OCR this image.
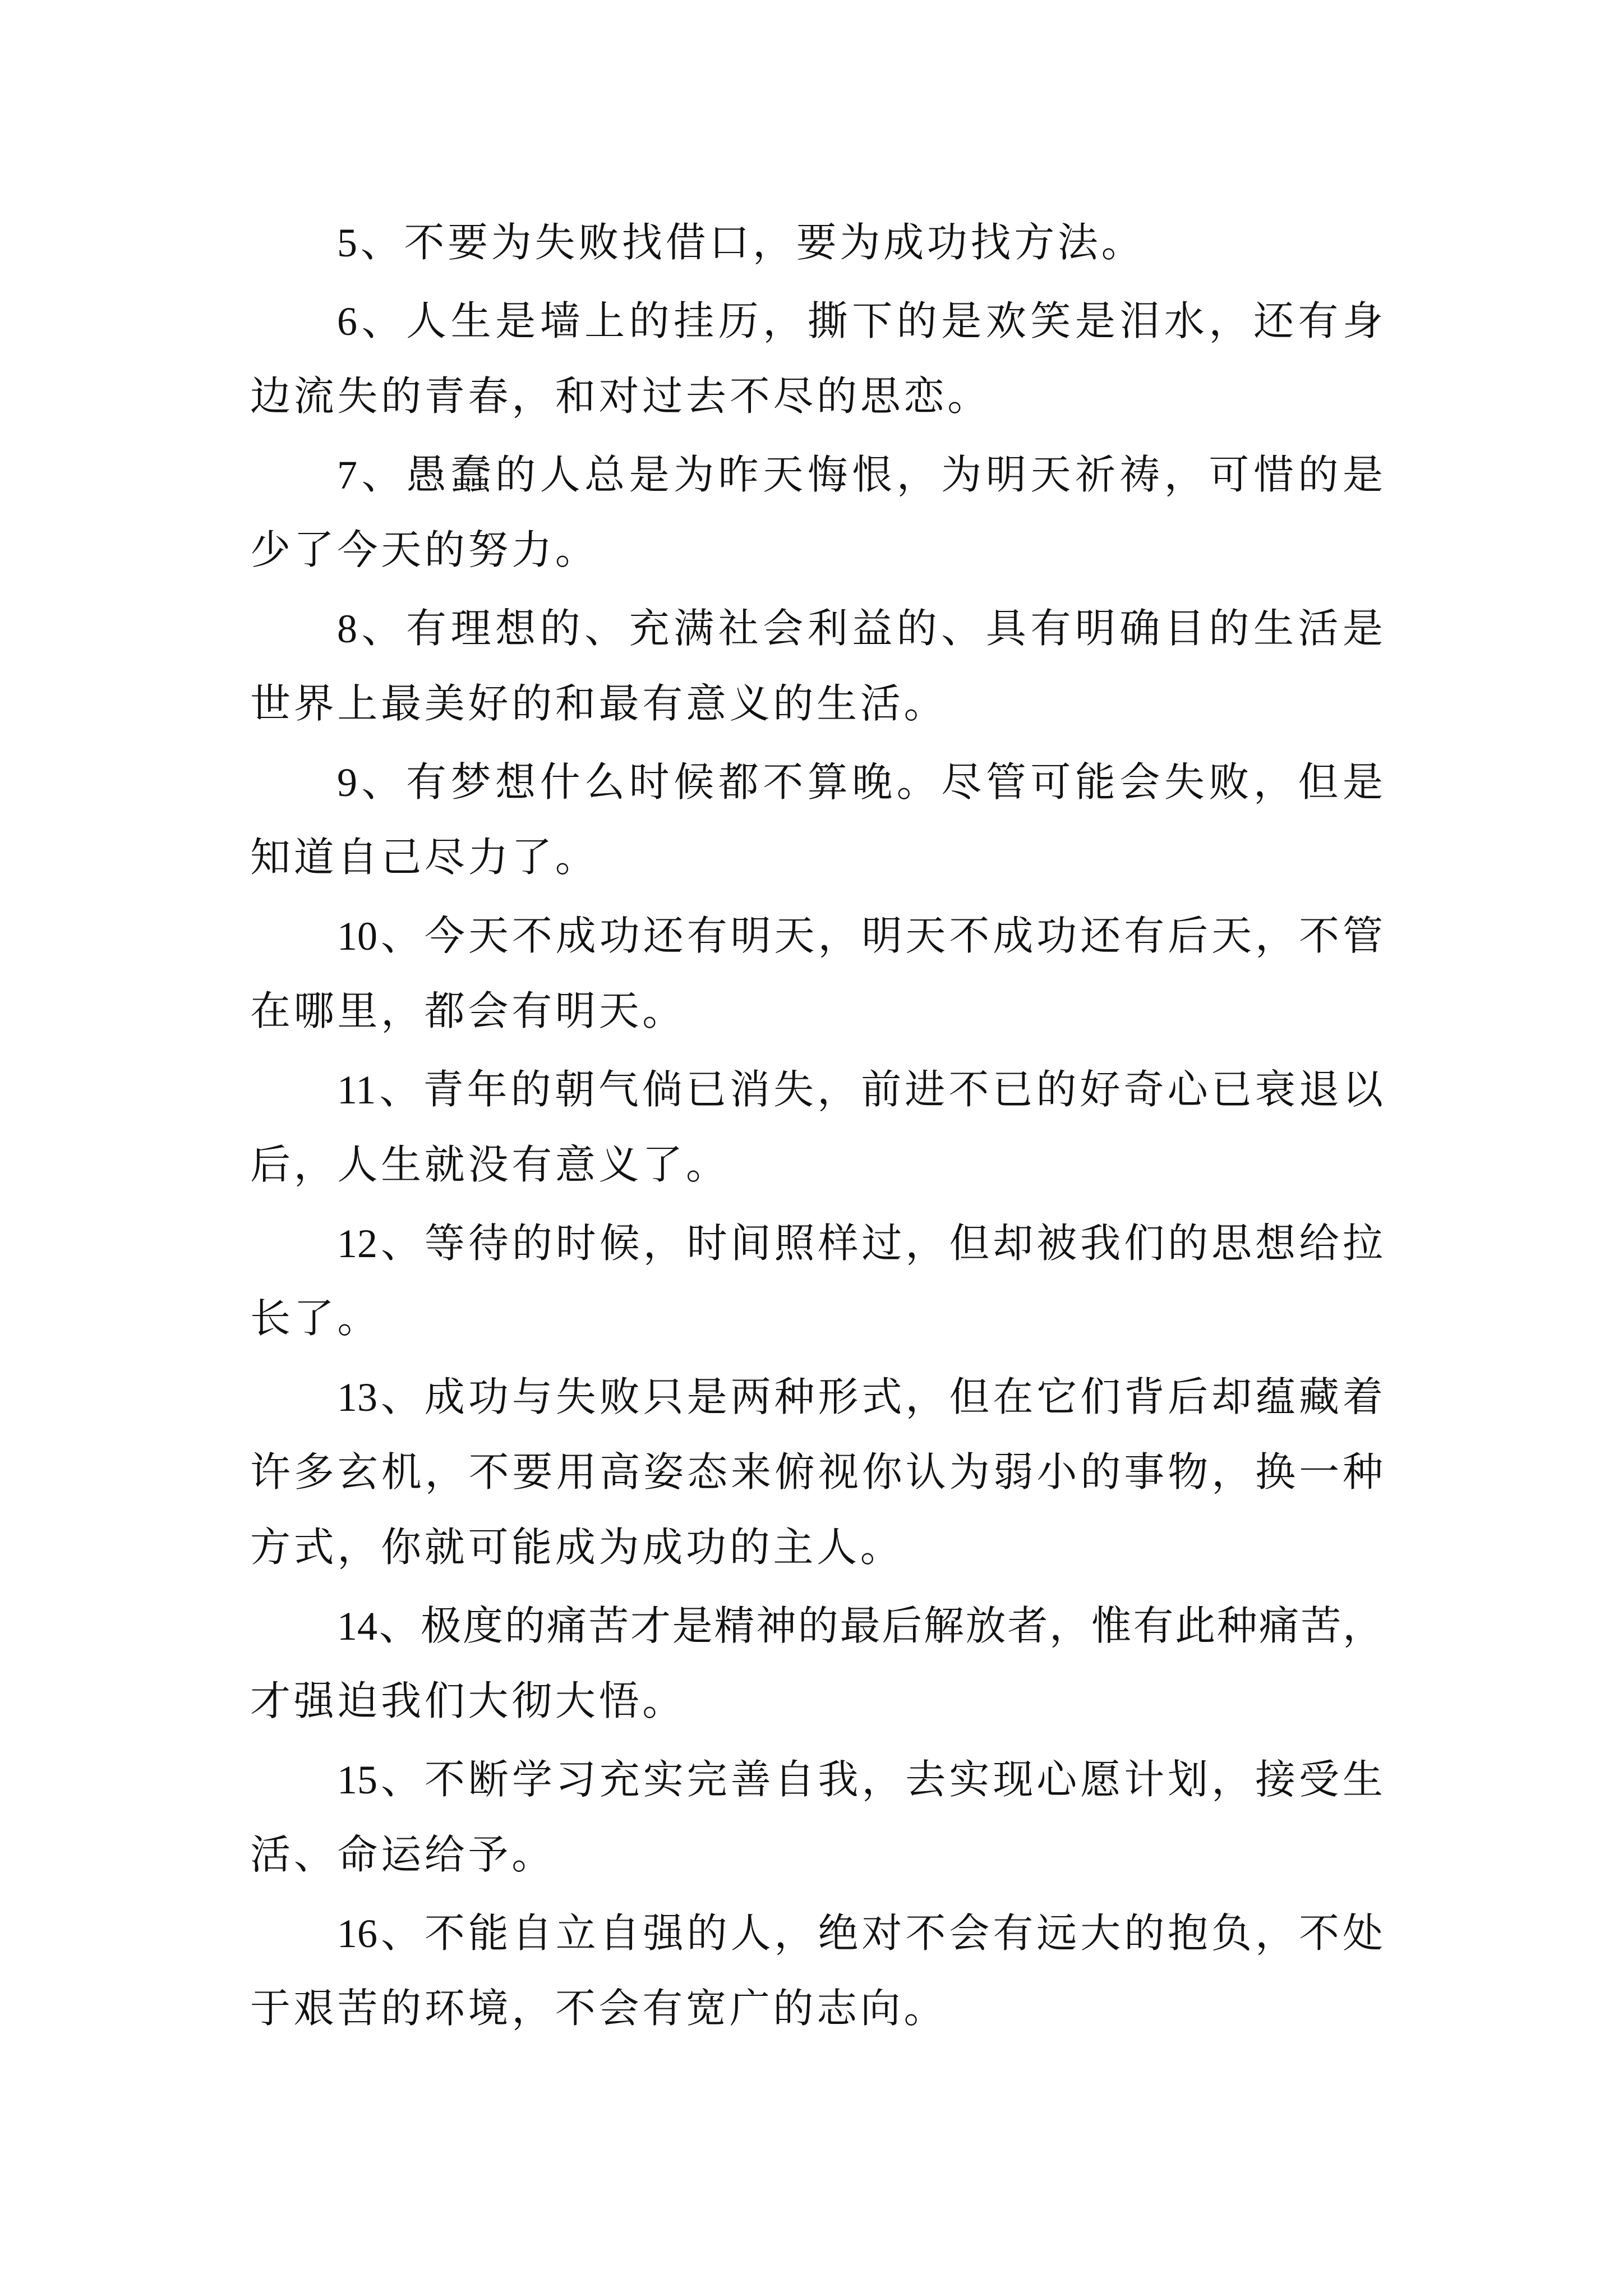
5、不要为失败找借口，要为成功找方法。
6、人生是墙上的挂历，撕下的是欢笑是泪水，还有身
边流失的青春，和对过去不尽的思恋。
7、愚蠢的人总是为昨天悔恨，为明天祈祷，可惜的是
少了今天的努力。
8、有理想的、充满社会利益的、具有明确目的生活是
世界上最美好的和最有意义的生活。
9、有梦想什么时候都不算晚。尽管可能会失败，但是
知道自己尽力了。
10、今天不成功还有明天，明天不成功还有后天，不管
在哪里，都会有明天。
11、青年的朝气倘已消失，前进不已的好奇心已衰退以
后，人生就没有意义了。
12、等待的时候，时间照样过，但却被我们的思想给拉
长了。
13、成功与失败只是两种形式，但在它们背后却蕴藏着
许多玄机，不要用高姿态来俯视你认为弱小的事物，换一种
方式，你就可能成为成功的主人。
14、极度的痛苦才是精神的最后解放者，惟有此种痛苦，
才强迫我们大彻大悟。
15、不断学习充实完善自我，去实现心愿计划，接受生
活、命运给予。
16、不能自立自强的人，绝对不会有远大的抱负，不处
于艰苦的环境，不会有宽广的志向。
